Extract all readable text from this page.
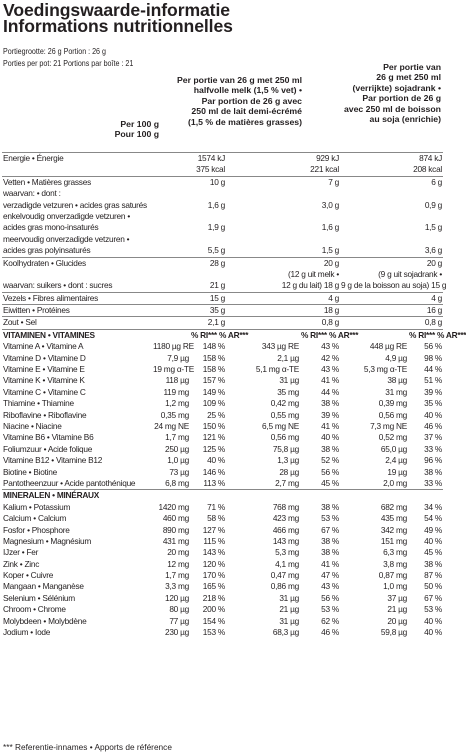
Voedingswaarde-informatie
Informations nutritionnelles
Portiegrootte: 26 g Portion : 26 g
Porties per pot: 21 Portions par boîte : 21
Per 100 g
Pour 100 g
Per portie van 26 g met 250 ml
halfvolle melk (1,5 % vet) •
Par portion de 26 g avec
250 ml de lait demi-écrémé
(1,5 % de matières grasses)
Per portie van
26 g met 250 ml
(verrijkte) sojadrank •
Par portion de 26 g
avec 250 ml de boisson
au soja (enrichie)
Energie • Énergie	1574 kJ		929 kJ		874 kJ	
	375 kcal		221 kcal		208 kcal	
Vetten • Matières grasses	10 g		7 g		6 g	
waarvan: • dont :						
verzadigde vetzuren • acides gras saturés	1,6 g		3,0 g		0,9 g	
enkelvoudig onverzadigde vetzuren •						
acides gras mono-insaturés	1,9 g		1,6 g		1,5 g	
meervoudig onverzadigde vetzuren •						
acides gras polyinsaturés	5,5 g		1,5 g		3,6 g	
Koolhydraten • Glucides	28 g		20 g		20 g	
			(12 g uit melk •		(9 g uit sojadrank •	
waarvan: suikers • dont : sucres	21 g		12 g du lait) 18 g		9 g de la boisson au soja) 15 g	
Vezels • Fibres alimentaires	15 g		4 g		4 g	
Eiwitten • Protéines	35 g		18 g		16 g	
Zout • Sel	2,1 g		0,8 g		0,8 g	
VITAMINEN • VITAMINES		% RI*** % AR***		% RI*** % AR***		% RI*** % AR***
Vitamine A • Vitamine A	1180 µg RE	148 %	343 µg RE	43 %	448 µg RE	56 %
Vitamine D • Vitamine D	7,9 µg	158 %	2,1 µg	42 %	4,9 µg	98 %
Vitamine E • Vitamine E	19 mg α-TE	158 %	5,1 mg α-TE	43 %	5,3 mg α-TE	44 %
Vitamine K • Vitamine K	118 µg	157 %	31 µg	41 %	38 µg	51 %
Vitamine C • Vitamine C	119 mg	149 %	35 mg	44 %	31 mg	39 %
Thiamine • Thiamine	1,2 mg	109 %	0,42 mg	38 %	0,39 mg	35 %
Riboflavine • Riboflavine	0,35 mg	25 %	0,55 mg	39 %	0,56 mg	40 %
Niacine • Niacine	24 mg NE	150 %	6,5 mg NE	41 %	7,3 mg NE	46 %
Vitamine B6 • Vitamine B6	1,7 mg	121 %	0,56 mg	40 %	0,52 mg	37 %
Foliumzuur • Acide folique	250 µg	125 %	75,8 µg	38 %	65,0 µg	33 %
Vitamine B12 • Vitamine B12	1,0 µg	40 %	1,3 µg	52 %	2,4 µg	96 %
Biotine • Biotine	73 µg	146 %	28 µg	56 %	19 µg	38 %
Pantotheenzuur • Acide pantothénique	6,8 mg	113 %	2,7 mg	45 %	2,0 mg	33 %
MINERALEN • MINÉRAUX						
Kalium • Potassium	1420 mg	71 %	768 mg	38 %	682 mg	34 %
Calcium • Calcium	460 mg	58 %	423 mg	53 %	435 mg	54 %
Fosfor • Phosphore	890 mg	127 %	466 mg	67 %	342 mg	49 %
Magnesium • Magnésium	431 mg	115 %	143 mg	38 %	151 mg	40 %
IJzer • Fer	20 mg	143 %	5,3 mg	38 %	6,3 mg	45 %
Zink • Zinc	12 mg	120 %	4,1 mg	41 %	3,8 mg	38 %
Koper • Cuivre	1,7 mg	170 %	0,47 mg	47 %	0,87 mg	87 %
Mangaan • Manganèse	3,3 mg	165 %	0,86 mg	43 %	1,0 mg	50 %
Selenium • Sélénium	120 µg	218 %	31 µg	56 %	37 µg	67 %
Chroom • Chrome	80 µg	200 %	21 µg	53 %	21 µg	53 %
Molybdeen • Molybdène	77 µg	154 %	31 µg	62 %	20 µg	40 %
Jodium • Iode	230 µg	153 %	68,3 µg	46 %	59,8 µg	40 %
*** Referentie-innames • Apports de référence
